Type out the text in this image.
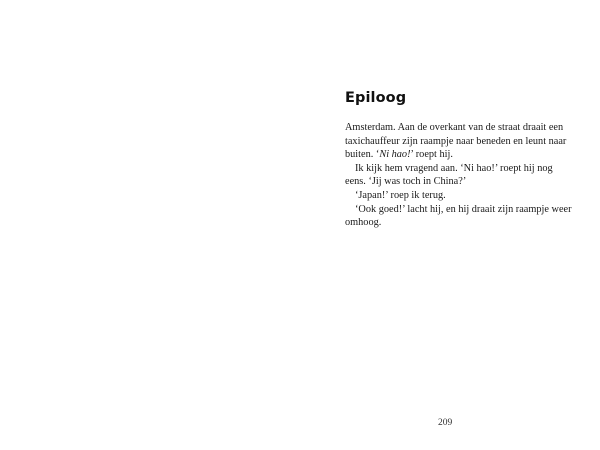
Epiloog

Amsterdam. Aan de overkant van de straat draait een taxichauffeur zijn raampje naar beneden en leunt naar buiten. ‘Ni hao!’ roept hij.

Ik kijk hem vragend aan. ‘Ni hao!’ roept hij nog eens. ‘Jij was toch in China?’

‘Japan!’ roep ik terug.

‘Ook goed!’ lacht hij, en hij draait zijn raampje weer omhoog.

209
